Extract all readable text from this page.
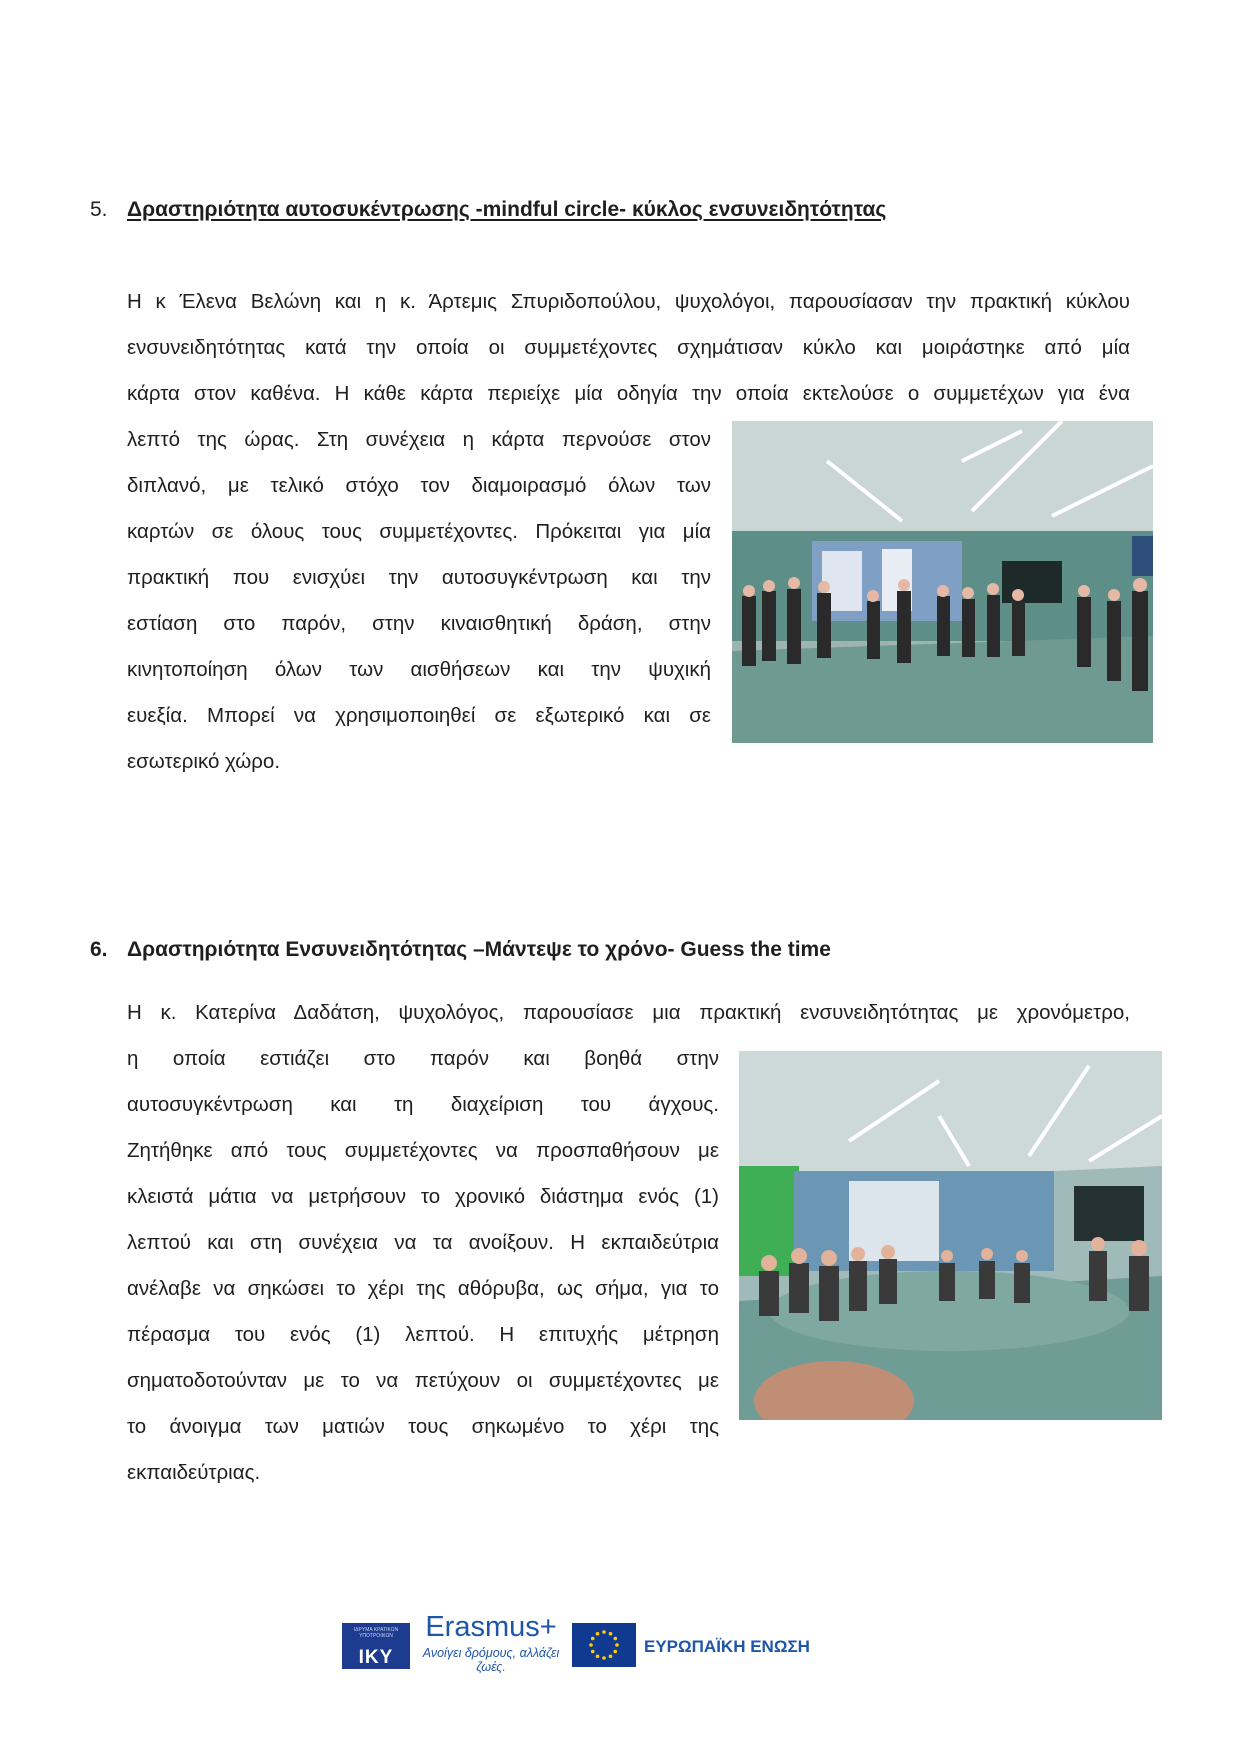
5. Δραστηριότητα αυτοσυκέντρωσης -mindful circle- κύκλος ενσυνειδητότητας
Η κ Έλενα Βελώνη και η κ. Άρτεμις Σπυριδοπούλου, ψυχολόγοι, παρουσίασαν την πρακτική κύκλου
ενσυνειδητότητας κατά την οποία οι συμμετέχοντες σχημάτισαν κύκλο και μοιράστηκε από μία
κάρτα στον καθένα. Η κάθε κάρτα περιείχε μία οδηγία την οποία εκτελούσε ο συμμετέχων για ένα
λεπτό της ώρας. Στη συνέχεια η κάρτα περνούσε στον
διπλανό, με τελικό στόχο τον διαμοιρασμό όλων των
καρτών σε όλους τους συμμετέχοντες. Πρόκειται για μία
πρακτική που ενισχύει την αυτοσυγκέντρωση και την
εστίαση στο παρόν, στην κιναισθητική δράση, στην
κινητοποίηση όλων των αισθήσεων και την ψυχική
ευεξία. Μπορεί να χρησιμοποιηθεί σε εξωτερικό και σε
εσωτερικό χώρο.
6. Δραστηριότητα Ενσυνειδητότητας –Μάντεψε το χρόνο- Guess the time
Η κ. Κατερίνα Δαδάτση, ψυχολόγος, παρουσίασε μια πρακτική ενσυνειδητότητας με χρονόμετρο,
η οποία εστιάζει στο παρόν και βοηθά στην
αυτοσυγκέντρωση και τη διαχείριση του άγχους.
Ζητήθηκε από τους συμμετέχοντες να προσπαθήσουν με
κλειστά μάτια να μετρήσουν το χρονικό διάστημα ενός (1)
λεπτού και στη συνέχεια να τα ανοίξουν. Η εκπαιδεύτρια
ανέλαβε να σηκώσει το χέρι της αθόρυβα, ως σήμα, για το
πέρασμα του ενός (1) λεπτού. Η επιτυχής μέτρηση
σηματοδοτούνταν με το να πετύχουν οι συμμετέχοντες με
το άνοιγμα των ματιών τους σηκωμένο το χέρι της
εκπαιδεύτριας.
ΙΔΡΥΜΑ ΚΡΑΤΙΚΩΝ ΥΠΟΤΡΟΦΙΩΝ
ΙΚΥ
Erasmus+
Ανοίγει δρόμους, αλλάζει ζωές.
ΕΥΡΩΠΑΪΚΗ ΕΝΩΣΗ
